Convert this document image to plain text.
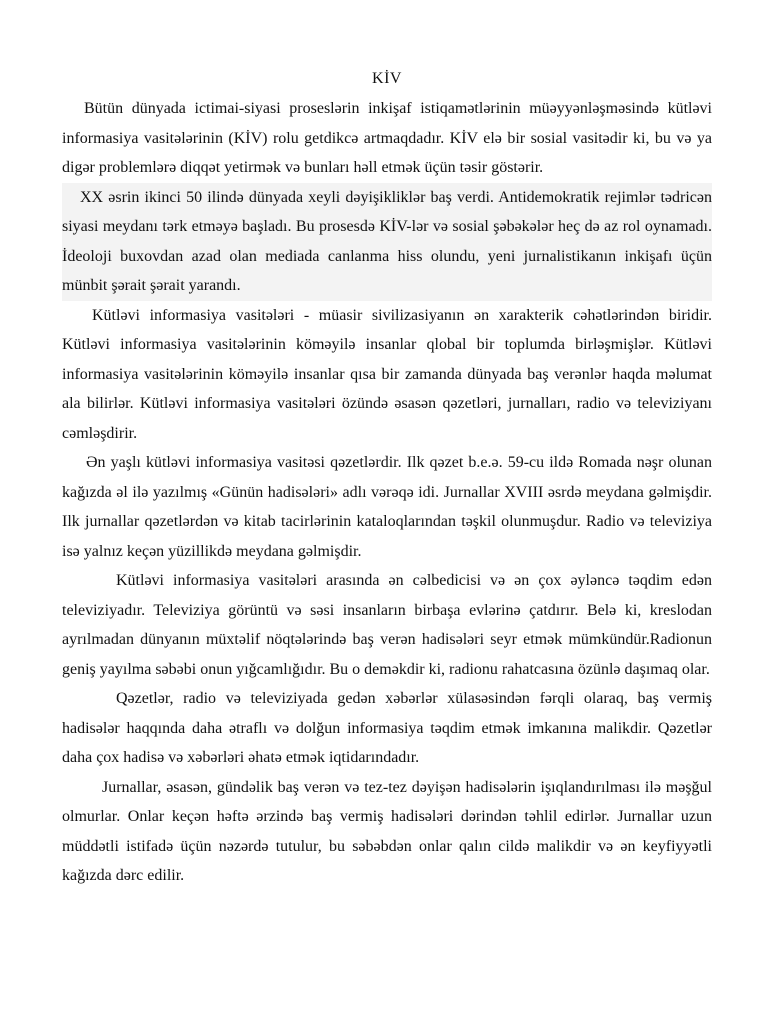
KİV

Bütün dünyada ictimai-siyasi proseslərin inkişaf istiqamətlərinin müəyyənləşməsində kütləvi informasiya vasitələrinin (KİV) rolu getdikcə artmaqdadır. KİV elə bir sosial vasitədir ki, bu və ya digər problemlərə diqqət yetirmək və bunları həll etmək üçün təsir göstərir.

XX əsrin ikinci 50 ilində dünyada xeyli dəyişikliklər baş verdi. Antidemokratik rejimlər tədricən siyasi meydanı tərk etməyə başladı. Bu prosesdə KİV-lər və sosial şəbəkələr heç də az rol oynamadı. İdeoloji buxovdan azad olan mediada canlanma hiss olundu, yeni jurnalistikanın inkişafı üçün münbit şərait şərait yarandı.

Kütləvi informasiya vasitələri - müasir sivilizasiyanın ən xarakterik cəhətlərindən biridir. Kütləvi informasiya vasitələrinin köməyilə insanlar qlobal bir toplumda birləşmişlər. Kütləvi informasiya vasitələrinin köməyilə insanlar qısa bir zamanda dünyada baş verənlər haqda məlumat ala bilirlər. Kütləvi informasiya vasitələri özündə əsasən qəzetləri, jurnalları, radio və televiziyanı cəmləşdirir.

Ən yaşlı kütləvi informasiya vasitəsi qəzetlərdir. Ilk qəzet b.e.ə. 59-cu ildə Romada nəşr olunan kağızda əl ilə yazılmış «Günün hadisələri» adlı vərəqə idi. Jurnallar XVIII əsrdə meydana gəlmişdir. Ilk jurnallar qəzetlərdən və kitab tacirlərinin kataloqlarından təşkil olunmuşdur. Radio və televiziya isə yalnız keçən yüzillikdə meydana gəlmişdir.

Kütləvi informasiya vasitələri arasında ən cəlbedicisi və ən çox əyləncə təqdim edən televiziyadır. Televiziya görüntü və səsi insanların birbaşa evlərinə çatdırır. Belə ki, kreslodan ayrılmadan dünyanın müxtəlif nöqtələrində baş verən hadisələri seyr etmək mümkündür.Radionun geniş yayılma səbəbi onun yığcamlığıdır. Bu o deməkdir ki, radionu rahatcasına özünlə daşımaq olar.

Qəzetlər, radio və televiziyada gedən xəbərlər xülasəsindən fərqli olaraq, baş vermiş hadisələr haqqında daha ətraflı və dolğun informasiya təqdim etmək imkanına malikdir. Qəzetlər daha çox hadisə və xəbərləri əhatə etmək iqtidarındadır.

Jurnallar, əsasən, gündəlik baş verən və tez-tez dəyişən hadisələrin işıqlandırılması ilə məşğul olmurlar. Onlar keçən həftə ərzində baş vermiş hadisələri dərindən təhlil edirlər. Jurnallar uzun müddətli istifadə üçün nəzərdə tutulur, bu səbəbdən onlar qalın cildə malikdir və ən keyfiyyətli kağızda dərc edilir.
